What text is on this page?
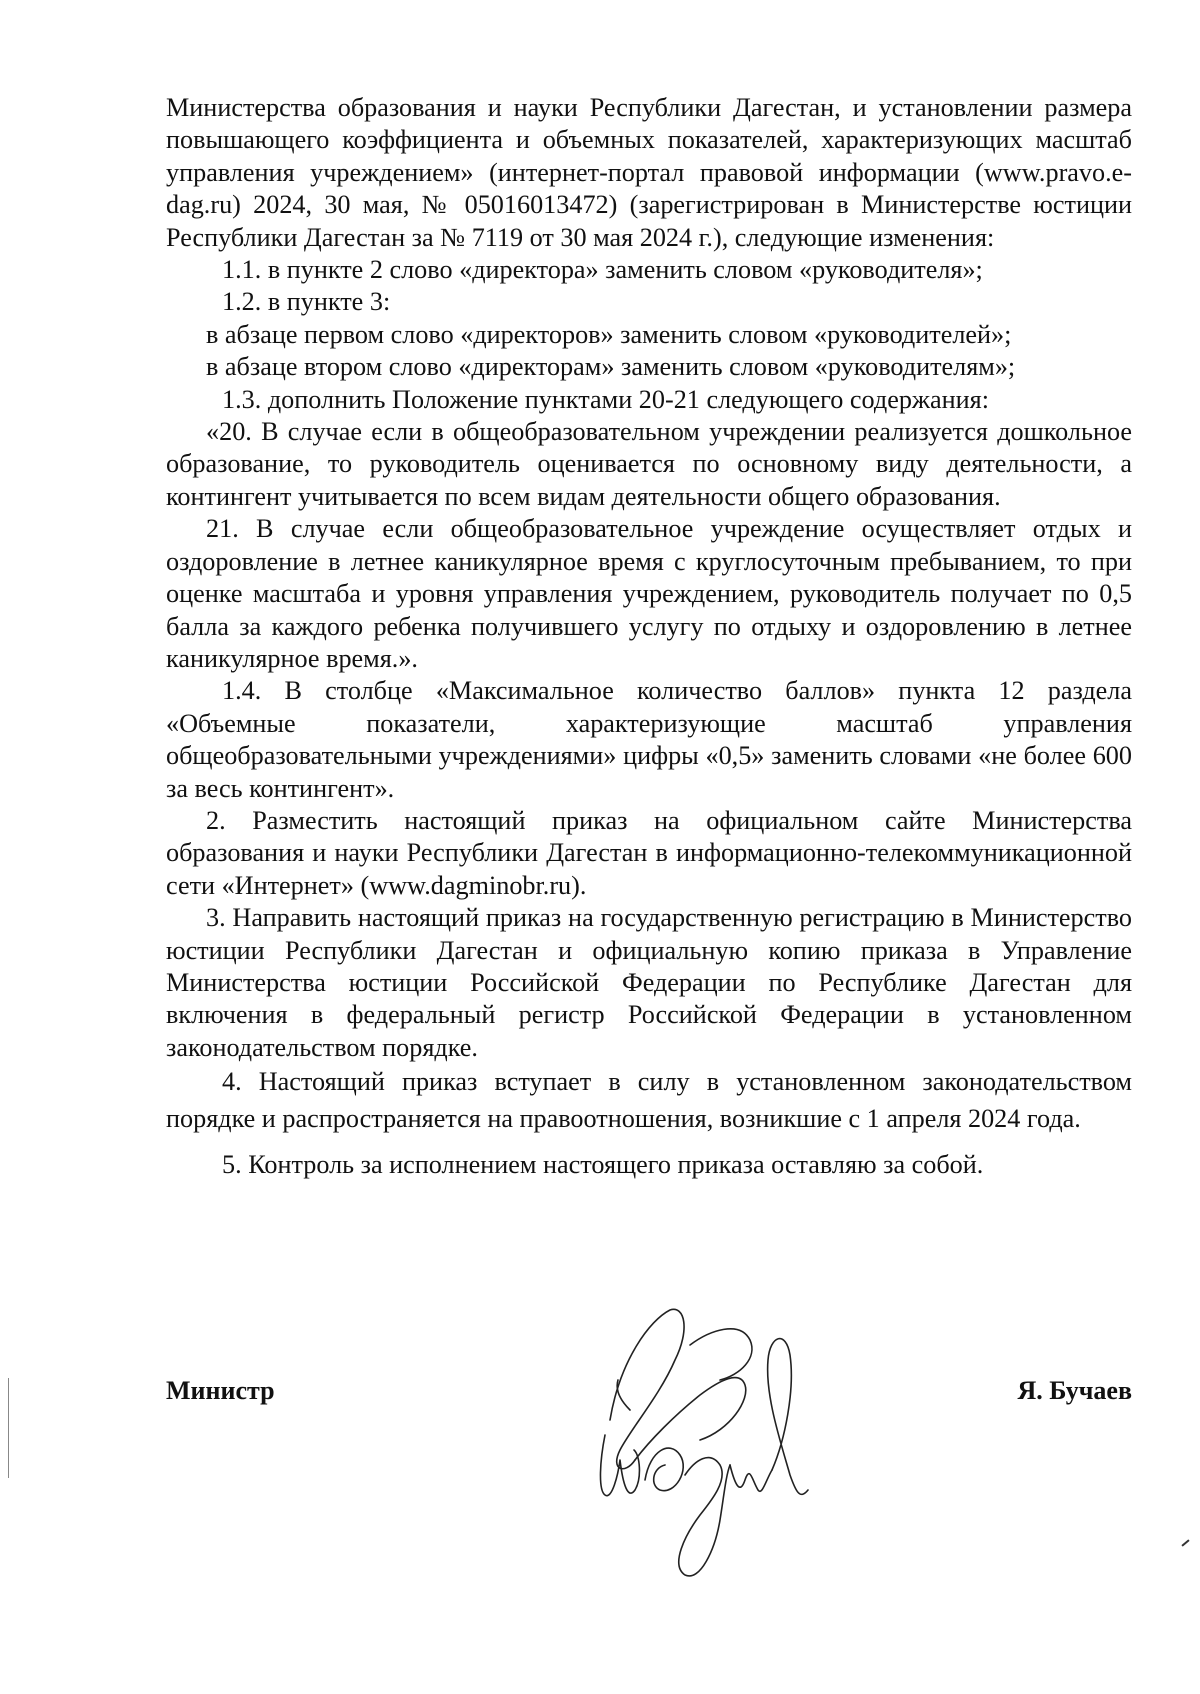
Министерства образования и науки Республики Дагестан, и установлении размера повышающего коэффициента и объемных показателей, характеризующих масштаб управления учреждением» (интернет-портал правовой информации (www.pravo.e-dag.ru) 2024, 30 мая, № 05016013472) (зарегистрирован в Министерстве юстиции Республики Дагестан за № 7119 от 30 мая 2024 г.), следующие изменения:

1.1. в пункте 2 слово «директора» заменить словом «руководителя»;

1.2. в пункте 3:

в абзаце первом слово «директоров» заменить словом «руководителей»;

в абзаце втором слово «директорам» заменить словом «руководителям»;

1.3. дополнить Положение пунктами 20-21 следующего содержания:

«20. В случае если в общеобразовательном учреждении реализуется дошкольное образование, то руководитель оценивается по основному виду деятельности, а контингент учитывается по всем видам деятельности общего образования.

21. В случае если общеобразовательное учреждение осуществляет отдых и оздоровление в летнее каникулярное время с круглосуточным пребыванием, то при оценке масштаба и уровня управления учреждением, руководитель получает по 0,5 балла за каждого ребенка получившего услугу по отдыху и оздоровлению в летнее каникулярное время.».

1.4. В столбце «Максимальное количество баллов» пункта 12 раздела «Объемные показатели, характеризующие масштаб управления общеобразовательными учреждениями» цифры «0,5» заменить словами «не более 600 за весь контингент».

2. Разместить настоящий приказ на официальном сайте Министерства образования и науки Республики Дагестан в информационно-телекоммуникационной сети «Интернет» (www.dagminobr.ru).

3. Направить настоящий приказ на государственную регистрацию в Министерство юстиции Республики Дагестан и официальную копию приказа в Управление Министерства юстиции Российской Федерации по Республике Дагестан для включения в федеральный регистр Российской Федерации в установленном законодательством порядке.

4. Настоящий приказ вступает в силу в установленном законодательством порядке и распространяется на правоотношения, возникшие с 1 апреля 2024 года.

5. Контроль за исполнением настоящего приказа оставляю за собой.

Министр	Я. Бучаев
